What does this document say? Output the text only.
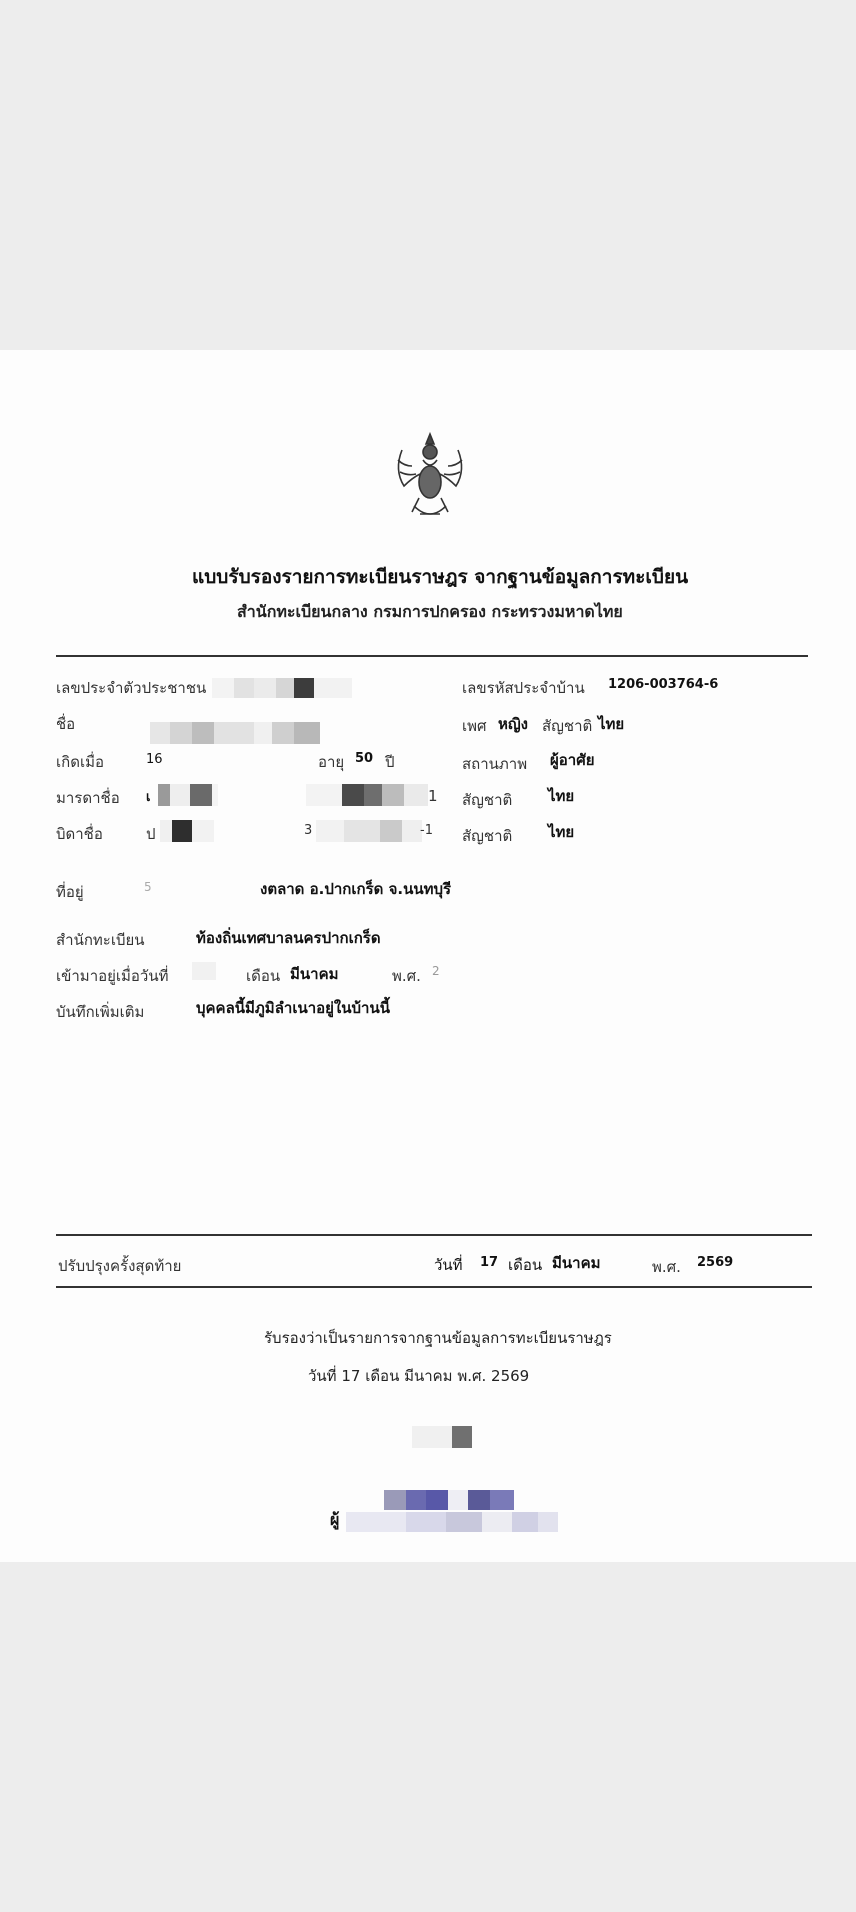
แบบรับรองรายการทะเบียนราษฎร จากฐานข้อมูลการทะเบียน
สำนักทะเบียนกลาง กรมการปกครอง กระทรวงมหาดไทย
เลขประจำตัวประชาชน	เลขรหัสประจำบ้าน 1206-003764-6
ชื่อ	เพศ หญิง สัญชาติ ไทย
เกิดเมื่อ	16	อายุ 50 ปี	สถานภาพ ผู้อาศัย
มารดาชื่อ เ	1 สัญชาติ ไทย
บิดาชื่อ	ป	3	-1 สัญชาติ ไทย
ที่อยู่	5	งตลาด อ.ปากเกร็ด จ.นนทบุรี
สำนักทะเบียน	ท้องถิ่นเทศบาลนครปากเกร็ด
เข้ามาอยู่เมื่อวันที่	เดือน มีนาคม	พ.ศ. 2
บันทึกเพิ่มเติม	บุคคลนี้มีภูมิลำเนาอยู่ในบ้านนี้
ปรับปรุงครั้งสุดท้าย	วันที่ 17 เดือน มีนาคม	พ.ศ. 2569
รับรองว่าเป็นรายการจากฐานข้อมูลการทะเบียนราษฎร
วันที่ 17 เดือน มีนาคม พ.ศ. 2569
ผู้
